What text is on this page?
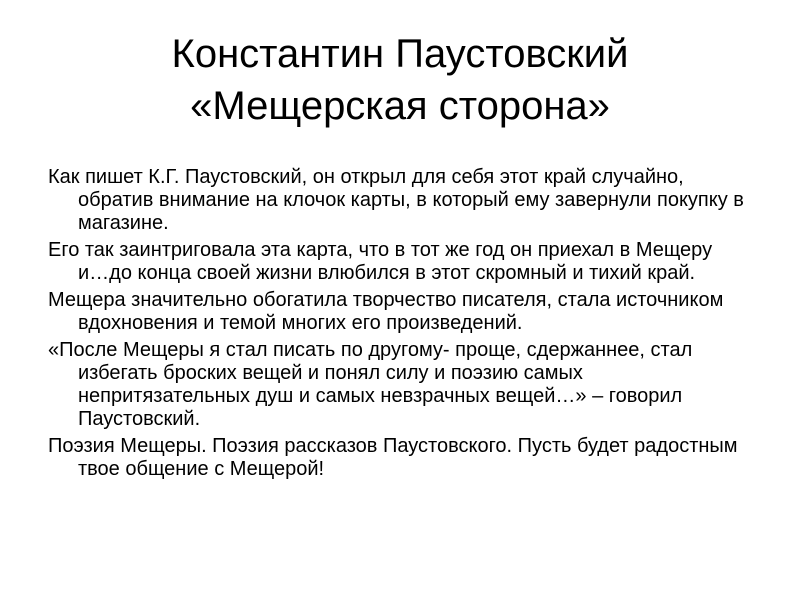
Константин Паустовский
«Мещерская сторона»
Как пишет К.Г. Паустовский, он открыл для себя этот край случайно, обратив внимание на клочок карты, в который ему завернули покупку в магазине.
Его так заинтриговала эта карта, что в тот же год он приехал в Мещеру и…до конца своей жизни влюбился в этот скромный и тихий край.
Мещера значительно обогатила творчество писателя, стала источником вдохновения и темой многих его произведений.
«После Мещеры я стал писать по другому- проще, сдержаннее, стал избегать броских вещей и понял силу и поэзию самых непритязательных душ и самых невзрачных вещей…» – говорил Паустовский.
Поэзия Мещеры. Поэзия рассказов Паустовского. Пусть будет радостным твое общение с Мещерой!
